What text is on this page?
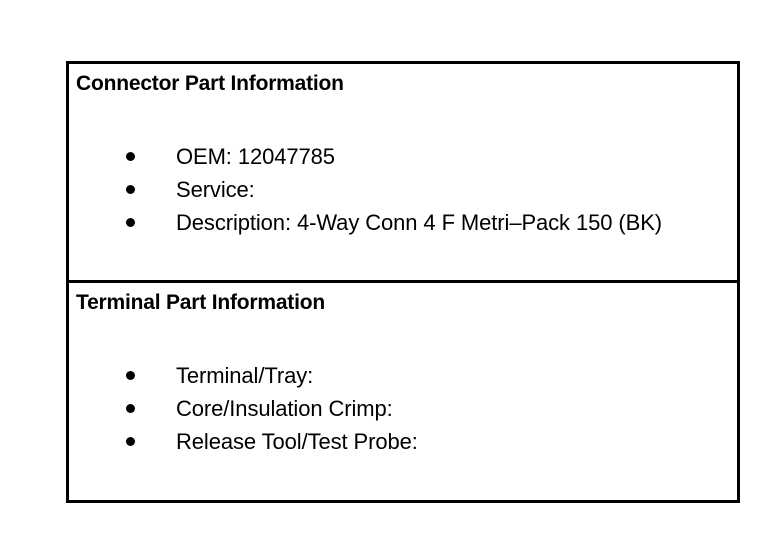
Connector Part Information
OEM: 12047785
Service:
Description: 4-Way Conn 4 F Metri–Pack 150 (BK)
Terminal Part Information
Terminal/Tray:
Core/Insulation Crimp:
Release Tool/Test Probe:
